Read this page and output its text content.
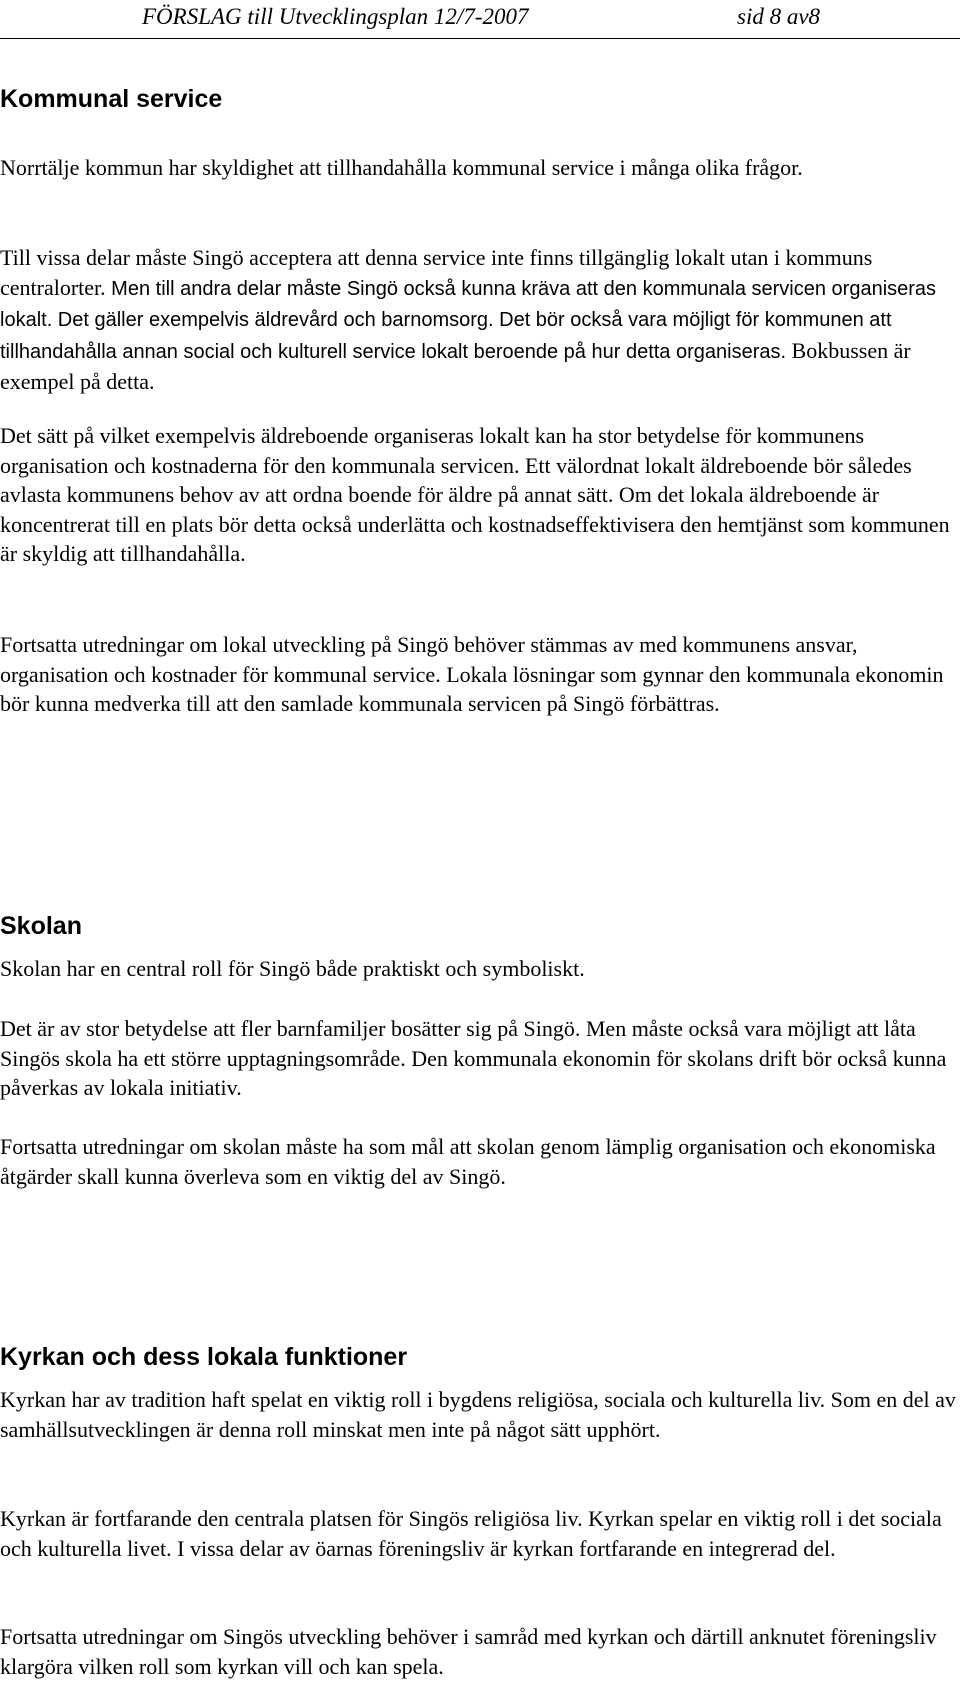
FÖRSLAG till Utvecklingsplan 12/7-2007	sid 8 av8
Kommunal service

Norrtälje kommun har skyldighet att tillhandahålla kommunal service i många olika frågor.

Till vissa delar måste Singö acceptera att denna service inte finns tillgänglig lokalt utan i kommuns centralorter. Men till andra delar måste Singö också kunna kräva att den kommunala servicen organiseras lokalt. Det gäller exempelvis äldrevård och barnomsorg. Det bör också vara möjligt för kommunen att tillhandahålla annan social och kulturell service lokalt beroende på hur detta organiseras. Bokbussen är exempel på detta.

Det sätt på vilket exempelvis äldreboende organiseras lokalt kan ha stor betydelse för kommunens organisation och kostnaderna för den kommunala servicen. Ett välordnat lokalt äldreboende bör således avlasta kommunens behov av att ordna boende för äldre på annat sätt. Om det lokala äldreboende är koncentrerat till en plats bör detta också underlätta och kostnadseffektivisera den hemtjänst som kommunen är skyldig att tillhandahålla.

Fortsatta utredningar om lokal utveckling på Singö behöver stämmas av med kommunens ansvar, organisation och kostnader för kommunal service. Lokala lösningar som gynnar den kommunala ekonomin bör kunna medverka till att den samlade kommunala servicen på Singö förbättras.

Skolan

Skolan har en central roll för Singö både praktiskt och symboliskt.

Det är av stor betydelse att fler barnfamiljer bosätter sig på Singö. Men måste också vara möjligt att låta Singös skola ha ett större upptagningsområde. Den kommunala ekonomin för skolans drift bör också kunna påverkas av lokala initiativ.

Fortsatta utredningar om skolan måste ha som mål att skolan genom lämplig organisation och ekonomiska åtgärder skall kunna överleva som en viktig del av Singö.

Kyrkan och dess lokala funktioner

Kyrkan har av tradition haft spelat en viktig roll i bygdens religiösa, sociala och kulturella liv. Som en del av samhällsutvecklingen är denna roll minskat men inte på något sätt upphört.

Kyrkan är fortfarande den centrala platsen för Singös religiösa liv. Kyrkan spelar en viktig roll i det sociala och kulturella livet. I vissa delar av öarnas föreningsliv är kyrkan fortfarande en integrerad del.

Fortsatta utredningar om Singös utveckling behöver i samråd med kyrkan och därtill anknutet föreningsliv klargöra vilken roll som kyrkan vill och kan spela.
